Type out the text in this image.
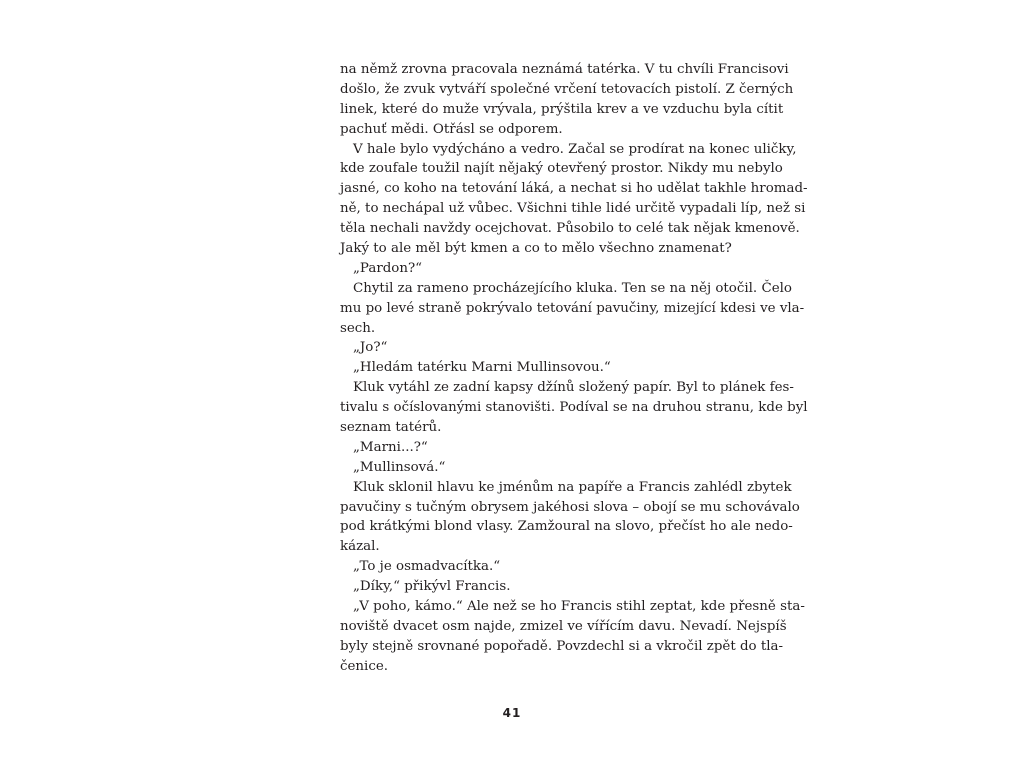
na němž zrovna pracovala neznámá tatérka. V tu chvíli Francisovi
došlo, že zvuk vytváří společné vrčení tetovacích pistolí. Z černých
linek, které do muže vrývala, prýštila krev a ve vzduchu byla cítit
pachuť mědi. Otřásl se odporem.
V hale bylo vydýcháno a vedro. Začal se prodírat na konec uličky,
kde zoufale toužil najít nějaký otevřený prostor. Nikdy mu nebylo
jasné, co koho na tetování láká, a nechat si ho udělat takhle hromad-
ně, to nechápal už vůbec. Všichni tihle lidé určitě vypadali líp, než si
těla nechali navždy ocejchovat. Působilo to celé tak nějak kmenově.
Jaký to ale měl být kmen a co to mělo všechno znamenat?
„Pardon?“
Chytil za rameno procházejícího kluka. Ten se na něj otočil. Čelo
mu po levé straně pokrývalo tetování pavučiny, mizející kdesi ve vla-
sech.
„Jo?“
„Hledám tatérku Marni Mullinsovou.“
Kluk vytáhl ze zadní kapsy džínů složený papír. Byl to plánek fes-
tivalu s očíslovanými stanovišti. Podíval se na druhou stranu, kde byl
seznam tatérů.
„Marni...?“
„Mullinsová.“
Kluk sklonil hlavu ke jménům na papíře a Francis zahlédl zbytek
pavučiny s tučným obrysem jakéhosi slova – obojí se mu schovávalo
pod krátkými blond vlasy. Zamžoural na slovo, přečíst ho ale nedo-
kázal.
„To je osmadvacítka.“
„Díky,“ přikývl Francis.
„V poho, kámo.“ Ale než se ho Francis stihl zeptat, kde přesně sta-
noviště dvacet osm najde, zmizel ve vířícím davu. Nevadí. Nejspíš
byly stejně srovnané popořadě. Povzdechl si a vkročil zpět do tla-
čenice.
41
